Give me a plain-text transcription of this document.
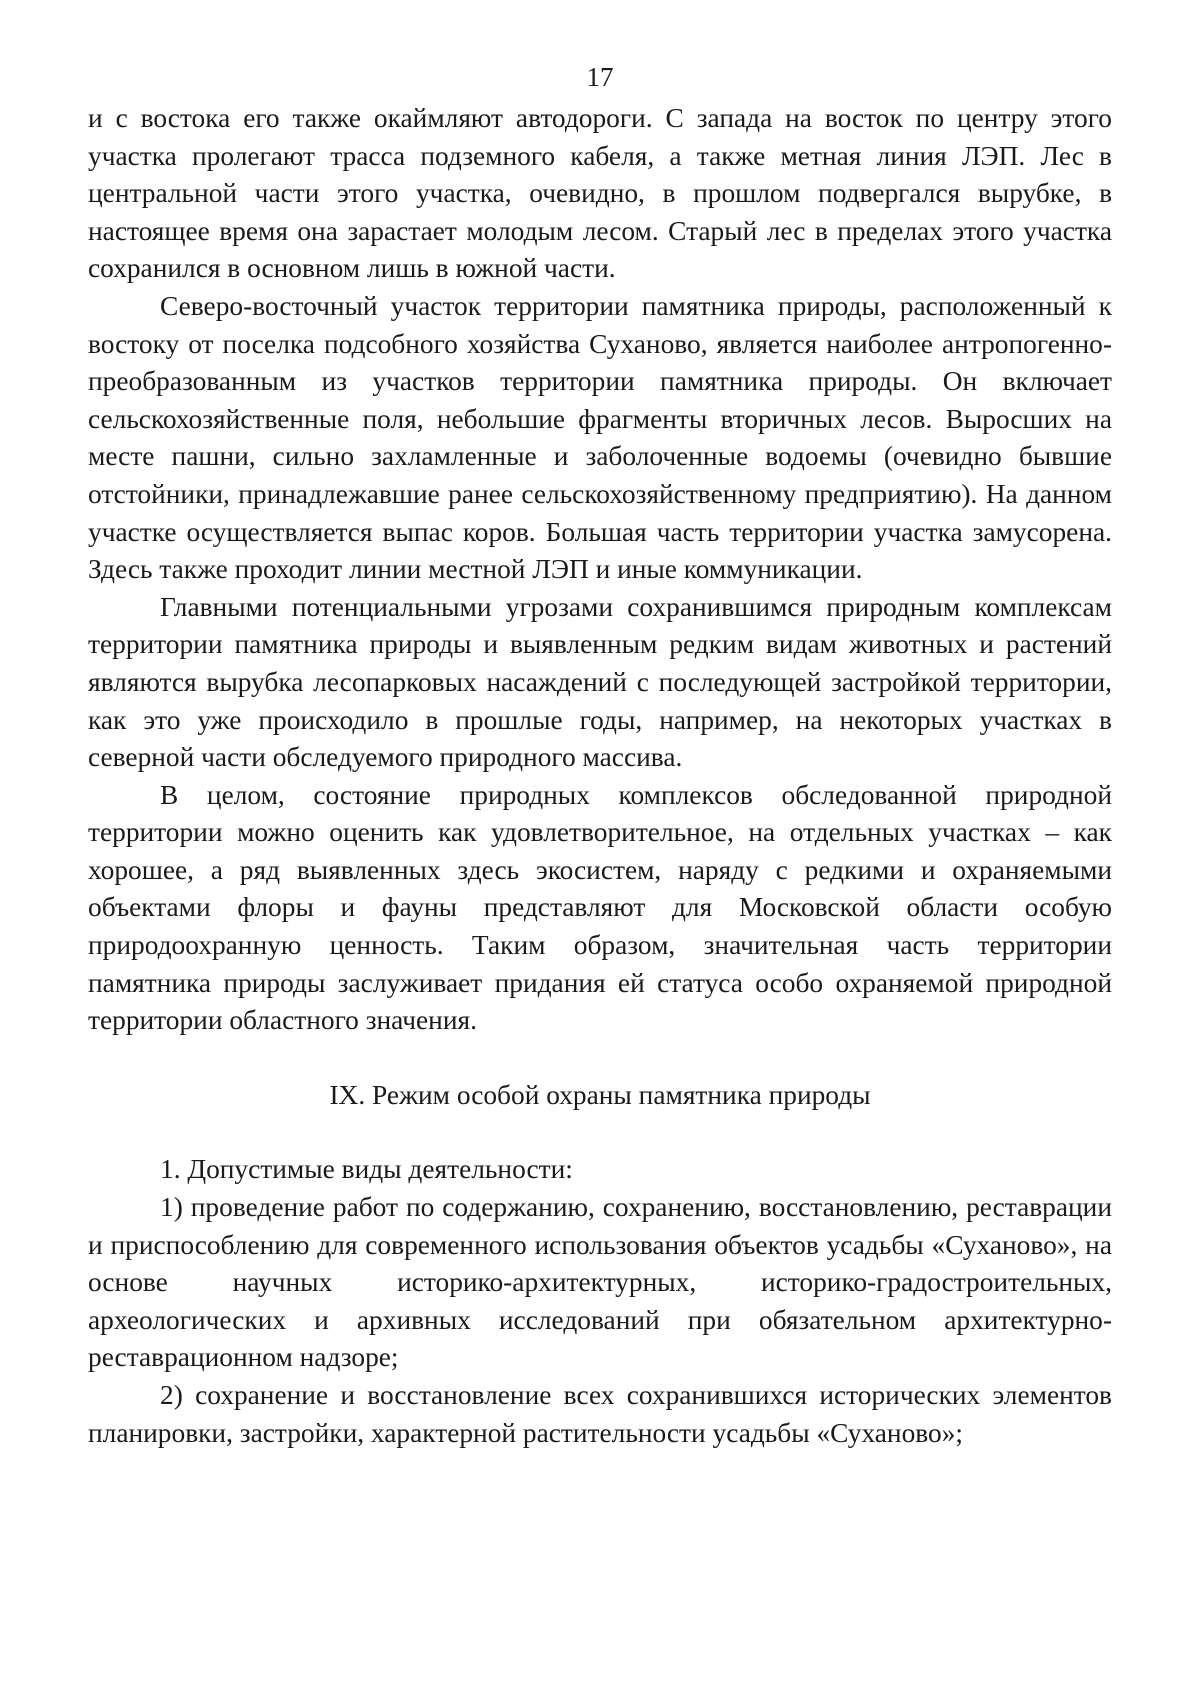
17

и с востока его также окаймляют автодороги. С запада на восток по центру этого участка пролегают трасса подземного кабеля, а также метная линия ЛЭП. Лес в центральной части этого участка, очевидно, в прошлом подвергался вырубке, в настоящее время она зарастает молодым лесом. Старый лес в пределах этого участка сохранился в основном лишь в южной части.

Северо-восточный участок территории памятника природы, расположенный к востоку от поселка подсобного хозяйства Суханово, является наиболее антропогенно-преобразованным из участков территории памятника природы. Он включает сельскохозяйственные поля, небольшие фрагменты вторичных лесов. Выросших на месте пашни, сильно захламленные и заболоченные водоемы (очевидно бывшие отстойники, принадлежавшие ранее сельскохозяйственному предприятию). На данном участке осуществляется выпас коров. Большая часть территории участка замусорена. Здесь также проходит линии местной ЛЭП и иные коммуникации.

Главными потенциальными угрозами сохранившимся природным комплексам территории памятника природы и выявленным редким видам животных и растений являются вырубка лесопарковых насаждений с последующей застройкой территории, как это уже происходило в прошлые годы, например, на некоторых участках в северной части обследуемого природного массива.

В целом, состояние природных комплексов обследованной природной территории можно оценить как удовлетворительное, на отдельных участках – как хорошее, а ряд выявленных здесь экосистем, наряду с редкими и охраняемыми объектами флоры и фауны представляют для Московской области особую природоохранную ценность. Таким образом, значительная часть территории памятника природы заслуживает придания ей статуса особо охраняемой природной территории областного значения.

IX. Режим особой охраны памятника природы

1. Допустимые виды деятельности:

1) проведение работ по содержанию, сохранению, восстановлению, реставрации и приспособлению для современного использования объектов усадьбы «Суханово», на основе научных историко-архитектурных, историко-градостроительных, археологических и архивных исследований при обязательном архитектурно-реставрационном надзоре;

2) сохранение и восстановление всех сохранившихся исторических элементов планировки, застройки, характерной растительности усадьбы «Суханово»;
